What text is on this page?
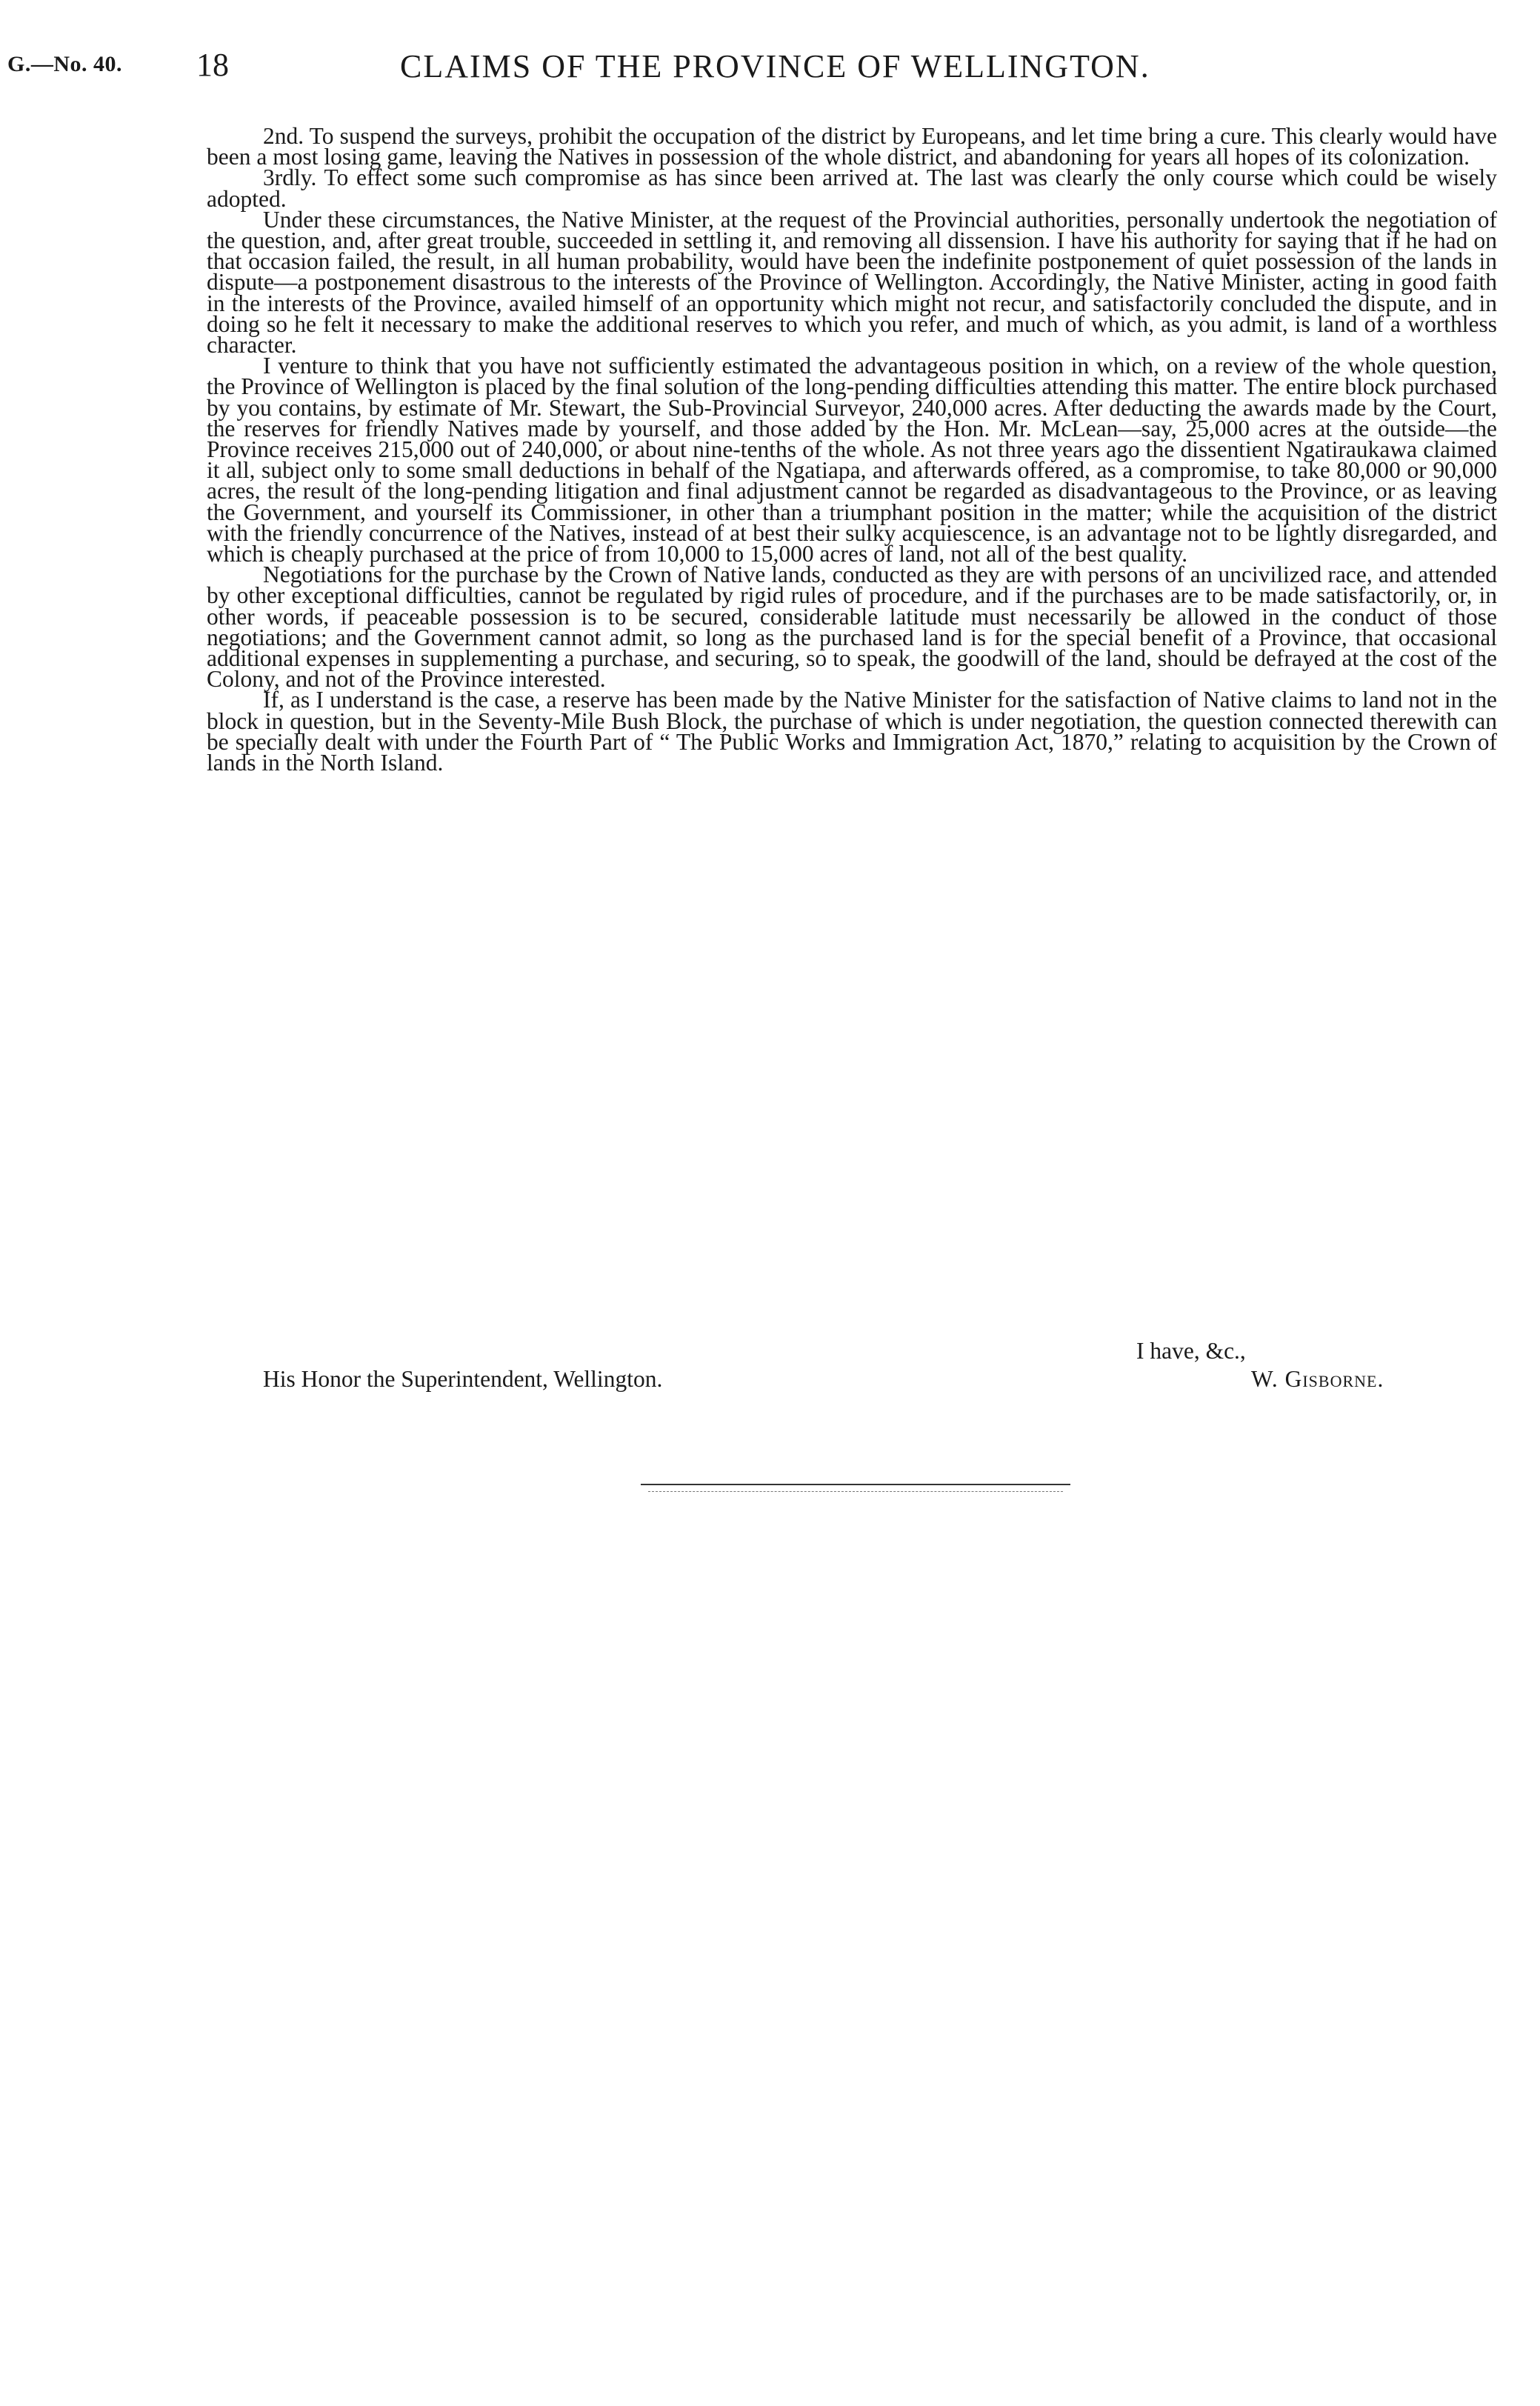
G.—No. 40. 18	CLAIMS OF THE PROVINCE OF WELLINGTON.

2nd. To suspend the surveys, prohibit the occupation of the district by Europeans, and let time bring a cure. This clearly would have been a most losing game, leaving the Natives in possession of the whole district, and abandoning for years all hopes of its colonization.

3rdly. To effect some such compromise as has since been arrived at. The last was clearly the only course which could be wisely adopted.

Under these circumstances, the Native Minister, at the request of the Provincial authorities, personally undertook the negotiation of the question, and, after great trouble, succeeded in settling it, and removing all dissension. I have his authority for saying that if he had on that occasion failed, the result, in all human probability, would have been the indefinite postponement of quiet possession of the lands in dispute—a postponement disastrous to the interests of the Province of Wellington. Accordingly, the Native Minister, acting in good faith in the interests of the Province, availed himself of an opportunity which might not recur, and satisfactorily concluded the dispute, and in doing so he felt it necessary to make the additional reserves to which you refer, and much of which, as you admit, is land of a worthless character.

I venture to think that you have not sufficiently estimated the advantageous position in which, on a review of the whole question, the Province of Wellington is placed by the final solution of the long-pending difficulties attending this matter. The entire block purchased by you contains, by estimate of Mr. Stewart, the Sub-Provincial Surveyor, 240,000 acres. After deducting the awards made by the Court, the reserves for friendly Natives made by yourself, and those added by the Hon. Mr. McLean—say, 25,000 acres at the outside—the Province receives 215,000 out of 240,000, or about nine-tenths of the whole. As not three years ago the dissentient Ngatiraukawa claimed it all, subject only to some small deductions in behalf of the Ngatiapa, and afterwards offered, as a compromise, to take 80,000 or 90,000 acres, the result of the long-pending litigation and final adjustment cannot be regarded as disadvantageous to the Province, or as leaving the Government, and yourself its Commissioner, in other than a triumphant position in the matter; while the acquisition of the district with the friendly concurrence of the Natives, instead of at best their sulky acquiescence, is an advantage not to be lightly disregarded, and which is cheaply purchased at the price of from 10,000 to 15,000 acres of land, not all of the best quality.

Negotiations for the purchase by the Crown of Native lands, conducted as they are with persons of an uncivilized race, and attended by other exceptional difficulties, cannot be regulated by rigid rules of procedure, and if the purchases are to be made satisfactorily, or, in other words, if peaceable possession is to be secured, considerable latitude must necessarily be allowed in the conduct of those negotiations; and the Government cannot admit, so long as the purchased land is for the special benefit of a Province, that occasional additional expenses in supplementing a purchase, and securing, so to speak, the goodwill of the land, should be defrayed at the cost of the Colony, and not of the Province interested.

If, as I understand is the case, a reserve has been made by the Native Minister for the satisfaction of Native claims to land not in the block in question, but in the Seventy-Mile Bush Block, the purchase of which is under negotiation, the question connected therewith can be specially dealt with under the Fourth Part of “ The Public Works and Immigration Act, 1870,” relating to acquisition by the Crown of lands in the North Island.

I have, &c.,
His Honor the Superintendent, Wellington.	W. Gisborne.
